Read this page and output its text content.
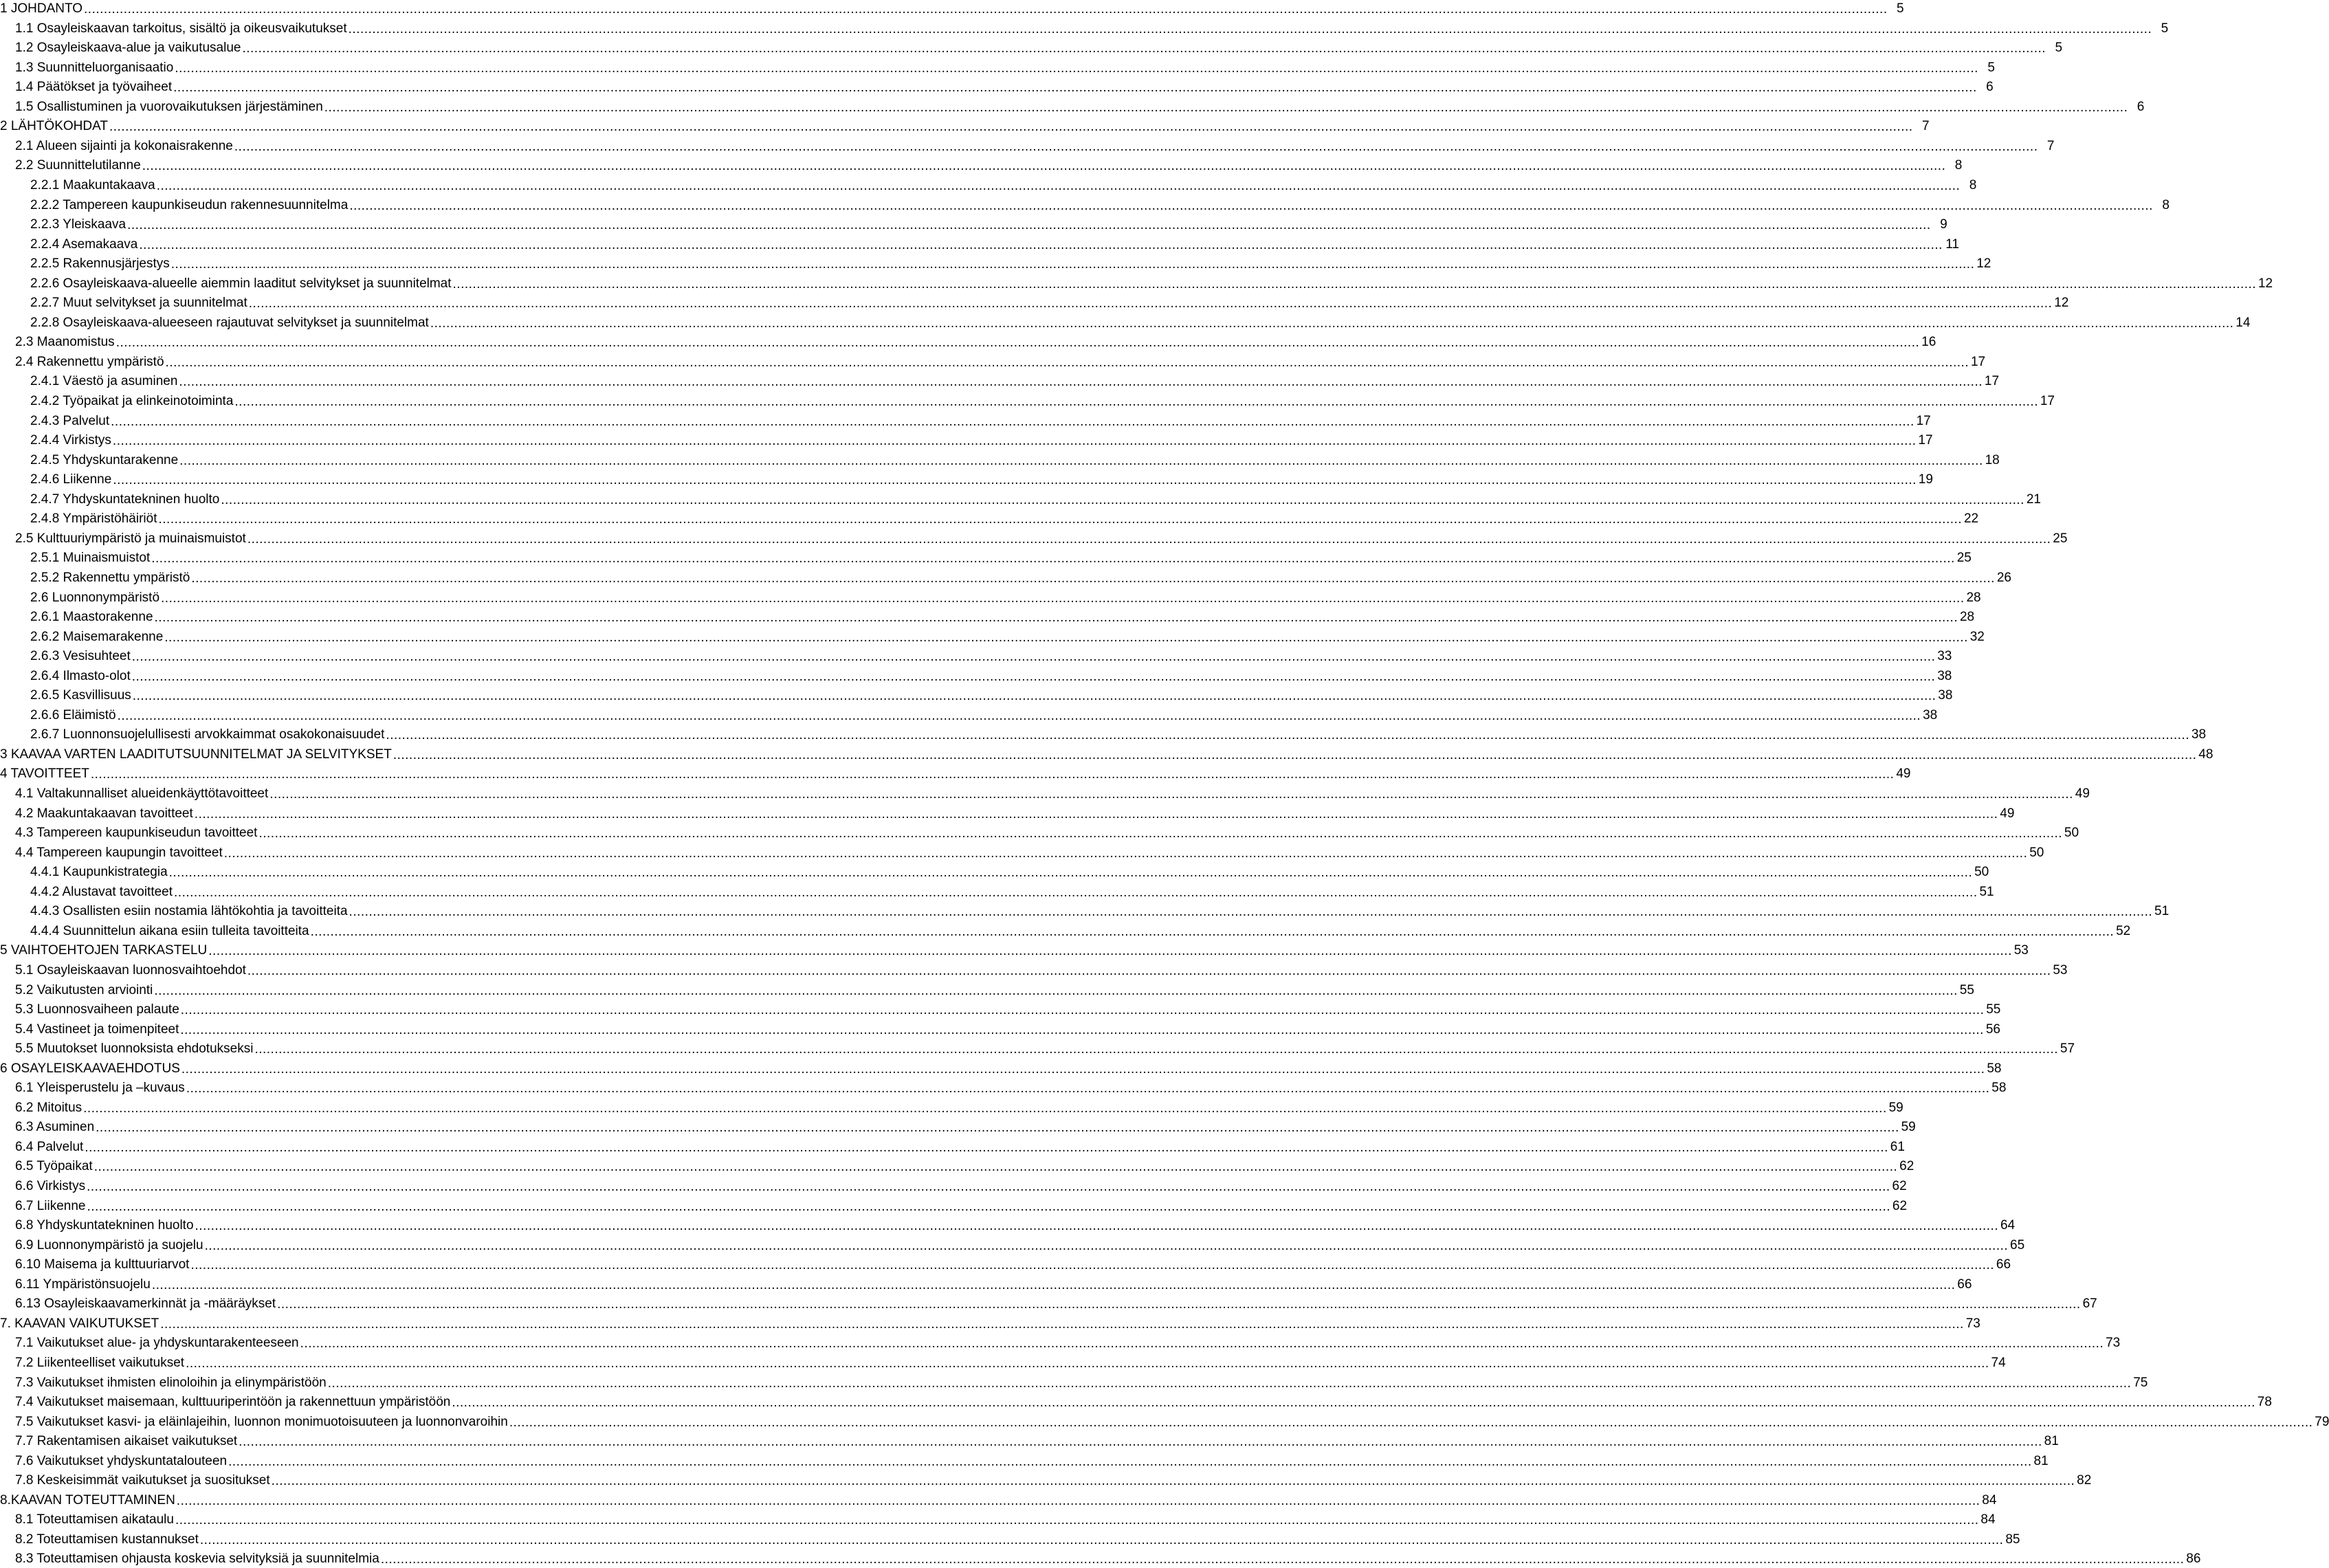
1 JOHDANTO ...................................................................................................................................................................................................................................................................................................................................................................................................................................................................... 5
1.1 Osayleiskaavan tarkoitus, sisältö ja oikeusvaikutukset ...................................................................................................................................................................................................................................................................................................................................................................................................................................................................... 5
1.2 Osayleiskaava-alue ja vaikutusalue ...................................................................................................................................................................................................................................................................................................................................................................................................................................................................... 5
1.3 Suunnitteluorganisaatio ...................................................................................................................................................................................................................................................................................................................................................................................................................................................................... 5
1.4 Päätökset ja työvaiheet ...................................................................................................................................................................................................................................................................................................................................................................................................................................................................... 6
1.5 Osallistuminen ja vuorovaikutuksen järjestäminen ...................................................................................................................................................................................................................................................................................................................................................................................................................................................................... 6
2 LÄHTÖKOHDAT ...................................................................................................................................................................................................................................................................................................................................................................................................................................................................... 7
2.1 Alueen sijainti ja kokonaisrakenne ...................................................................................................................................................................................................................................................................................................................................................................................................................................................................... 7
2.2 Suunnittelutilanne ...................................................................................................................................................................................................................................................................................................................................................................................................................................................................... 8
2.2.1 Maakuntakaava ...................................................................................................................................................................................................................................................................................................................................................................................................................................................................... 8
2.2.2 Tampereen kaupunkiseudun rakennesuunnitelma ...................................................................................................................................................................................................................................................................................................................................................................................................................................................................... 8
2.2.3 Yleiskaava ...................................................................................................................................................................................................................................................................................................................................................................................................................................................................... 9
2.2.4 Asemakaava ...................................................................................................................................................................................................................................................................................................................................................................................................................................................................... 11
2.2.5 Rakennusjärjestys ...................................................................................................................................................................................................................................................................................................................................................................................................................................................................... 12
2.2.6 Osayleiskaava-alueelle aiemmin laaditut selvitykset ja suunnitelmat ...................................................................................................................................................................................................................................................................................................................................................................................................................................................................... 12
2.2.7 Muut selvitykset ja suunnitelmat ...................................................................................................................................................................................................................................................................................................................................................................................................................................................................... 12
2.2.8 Osayleiskaava-alueeseen rajautuvat selvitykset ja suunnitelmat ...................................................................................................................................................................................................................................................................................................................................................................................................................................................................... 14
2.3 Maanomistus ...................................................................................................................................................................................................................................................................................................................................................................................................................................................................... 16
2.4 Rakennettu ympäristö ...................................................................................................................................................................................................................................................................................................................................................................................................................................................................... 17
2.4.1 Väestö ja asuminen ...................................................................................................................................................................................................................................................................................................................................................................................................................................................................... 17
2.4.2 Työpaikat ja elinkeinotoiminta ...................................................................................................................................................................................................................................................................................................................................................................................................................................................................... 17
2.4.3 Palvelut ...................................................................................................................................................................................................................................................................................................................................................................................................................................................................... 17
2.4.4 Virkistys ...................................................................................................................................................................................................................................................................................................................................................................................................................................................................... 17
2.4.5 Yhdyskuntarakenne ...................................................................................................................................................................................................................................................................................................................................................................................................................................................................... 18
2.4.6 Liikenne ...................................................................................................................................................................................................................................................................................................................................................................................................................................................................... 19
2.4.7 Yhdyskuntatekninen huolto ...................................................................................................................................................................................................................................................................................................................................................................................................................................................................... 21
2.4.8 Ympäristöhäiriöt ...................................................................................................................................................................................................................................................................................................................................................................................................................................................................... 22
2.5 Kulttuuriympäristö ja muinaismuistot ...................................................................................................................................................................................................................................................................................................................................................................................................................................................................... 25
2.5.1 Muinaismuistot ...................................................................................................................................................................................................................................................................................................................................................................................................................................................................... 25
2.5.2 Rakennettu ympäristö ...................................................................................................................................................................................................................................................................................................................................................................................................................................................................... 26
2.6 Luonnonympäristö ...................................................................................................................................................................................................................................................................................................................................................................................................................................................................... 28
2.6.1 Maastorakenne ...................................................................................................................................................................................................................................................................................................................................................................................................................................................................... 28
2.6.2 Maisemarakenne ...................................................................................................................................................................................................................................................................................................................................................................................................................................................................... 32
2.6.3 Vesisuhteet ...................................................................................................................................................................................................................................................................................................................................................................................................................................................................... 33
2.6.4 Ilmasto-olot ...................................................................................................................................................................................................................................................................................................................................................................................................................................................................... 38
2.6.5 Kasvillisuus ...................................................................................................................................................................................................................................................................................................................................................................................................................................................................... 38
2.6.6 Eläimistö ...................................................................................................................................................................................................................................................................................................................................................................................................................................................................... 38
2.6.7 Luonnonsuojelullisesti arvokkaimmat osakokonaisuudet ...................................................................................................................................................................................................................................................................................................................................................................................................................................................................... 38
3 KAAVAA VARTEN LAADITUTSUUNNITELMAT JA SELVITYKSET ...................................................................................................................................................................................................................................................................................................................................................................................................................................................................... 48
4 TAVOITTEET ...................................................................................................................................................................................................................................................................................................................................................................................................................................................................... 49
4.1 Valtakunnalliset alueidenkäyttötavoitteet ...................................................................................................................................................................................................................................................................................................................................................................................................................................................................... 49
4.2 Maakuntakaavan tavoitteet ...................................................................................................................................................................................................................................................................................................................................................................................................................................................................... 49
4.3 Tampereen kaupunkiseudun tavoitteet ...................................................................................................................................................................................................................................................................................................................................................................................................................................................................... 50
4.4 Tampereen kaupungin tavoitteet ...................................................................................................................................................................................................................................................................................................................................................................................................................................................................... 50
4.4.1 Kaupunkistrategia ...................................................................................................................................................................................................................................................................................................................................................................................................................................................................... 50
4.4.2 Alustavat tavoitteet ...................................................................................................................................................................................................................................................................................................................................................................................................................................................................... 51
4.4.3 Osallisten esiin nostamia lähtökohtia ja tavoitteita ...................................................................................................................................................................................................................................................................................................................................................................................................................................................................... 51
4.4.4 Suunnittelun aikana esiin tulleita tavoitteita ...................................................................................................................................................................................................................................................................................................................................................................................................................................................................... 52
5 VAIHTOEHTOJEN TARKASTELU ...................................................................................................................................................................................................................................................................................................................................................................................................................................................................... 53
5.1 Osayleiskaavan luonnosvaihtoehdot ...................................................................................................................................................................................................................................................................................................................................................................................................................................................................... 53
5.2 Vaikutusten arviointi ...................................................................................................................................................................................................................................................................................................................................................................................................................................................................... 55
5.3 Luonnosvaiheen palaute ...................................................................................................................................................................................................................................................................................................................................................................................................................................................................... 55
5.4 Vastineet ja toimenpiteet ...................................................................................................................................................................................................................................................................................................................................................................................................................................................................... 56
5.5 Muutokset luonnoksista ehdotukseksi ...................................................................................................................................................................................................................................................................................................................................................................................................................................................................... 57
6 OSAYLEISKAAVAEHDOTUS ...................................................................................................................................................................................................................................................................................................................................................................................................................................................................... 58
6.1 Yleisperustelu ja –kuvaus ...................................................................................................................................................................................................................................................................................................................................................................................................................................................................... 58
6.2 Mitoitus ...................................................................................................................................................................................................................................................................................................................................................................................................................................................................... 59
6.3 Asuminen ...................................................................................................................................................................................................................................................................................................................................................................................................................................................................... 59
6.4 Palvelut ...................................................................................................................................................................................................................................................................................................................................................................................................................................................................... 61
6.5 Työpaikat ...................................................................................................................................................................................................................................................................................................................................................................................................................................................................... 62
6.6 Virkistys ...................................................................................................................................................................................................................................................................................................................................................................................................................................................................... 62
6.7 Liikenne ...................................................................................................................................................................................................................................................................................................................................................................................................................................................................... 62
6.8 Yhdyskuntatekninen huolto ...................................................................................................................................................................................................................................................................................................................................................................................................................................................................... 64
6.9 Luonnonympäristö ja suojelu ...................................................................................................................................................................................................................................................................................................................................................................................................................................................................... 65
6.10 Maisema ja kulttuuriarvot ...................................................................................................................................................................................................................................................................................................................................................................................................................................................................... 66
6.11 Ympäristönsuojelu ...................................................................................................................................................................................................................................................................................................................................................................................................................................................................... 66
6.13 Osayleiskaavamerkinnät ja -määräykset ...................................................................................................................................................................................................................................................................................................................................................................................................................................................................... 67
7. KAAVAN VAIKUTUKSET ...................................................................................................................................................................................................................................................................................................................................................................................................................................................................... 73
7.1 Vaikutukset alue- ja yhdyskuntarakenteeseen ...................................................................................................................................................................................................................................................................................................................................................................................................................................................................... 73
7.2 Liikenteelliset vaikutukset ...................................................................................................................................................................................................................................................................................................................................................................................................................................................................... 74
7.3 Vaikutukset ihmisten elinoloihin ja elinympäristöön ...................................................................................................................................................................................................................................................................................................................................................................................................................................................................... 75
7.4 Vaikutukset maisemaan, kulttuuriperintöön ja rakennettuun ympäristöön ...................................................................................................................................................................................................................................................................................................................................................................................................................................................................... 78
7.5 Vaikutukset kasvi- ja eläinlajeihin, luonnon monimuotoisuuteen ja luonnonvaroihin ...................................................................................................................................................................................................................................................................................................................................................................................................................................................................... 79
7.7 Rakentamisen aikaiset vaikutukset ...................................................................................................................................................................................................................................................................................................................................................................................................................................................................... 81
7.6 Vaikutukset yhdyskuntatalouteen ...................................................................................................................................................................................................................................................................................................................................................................................................................................................................... 81
7.8 Keskeisimmät vaikutukset ja suositukset ...................................................................................................................................................................................................................................................................................................................................................................................................................................................................... 82
8.KAAVAN TOTEUTTAMINEN ...................................................................................................................................................................................................................................................................................................................................................................................................................................................................... 84
8.1 Toteuttamisen aikataulu ...................................................................................................................................................................................................................................................................................................................................................................................................................................................................... 84
8.2 Toteuttamisen kustannukset ...................................................................................................................................................................................................................................................................................................................................................................................................................................................................... 85
8.3 Toteuttamisen ohjausta koskevia selvityksiä ja suunnitelmia ...................................................................................................................................................................................................................................................................................................................................................................................................................................................................... 86
